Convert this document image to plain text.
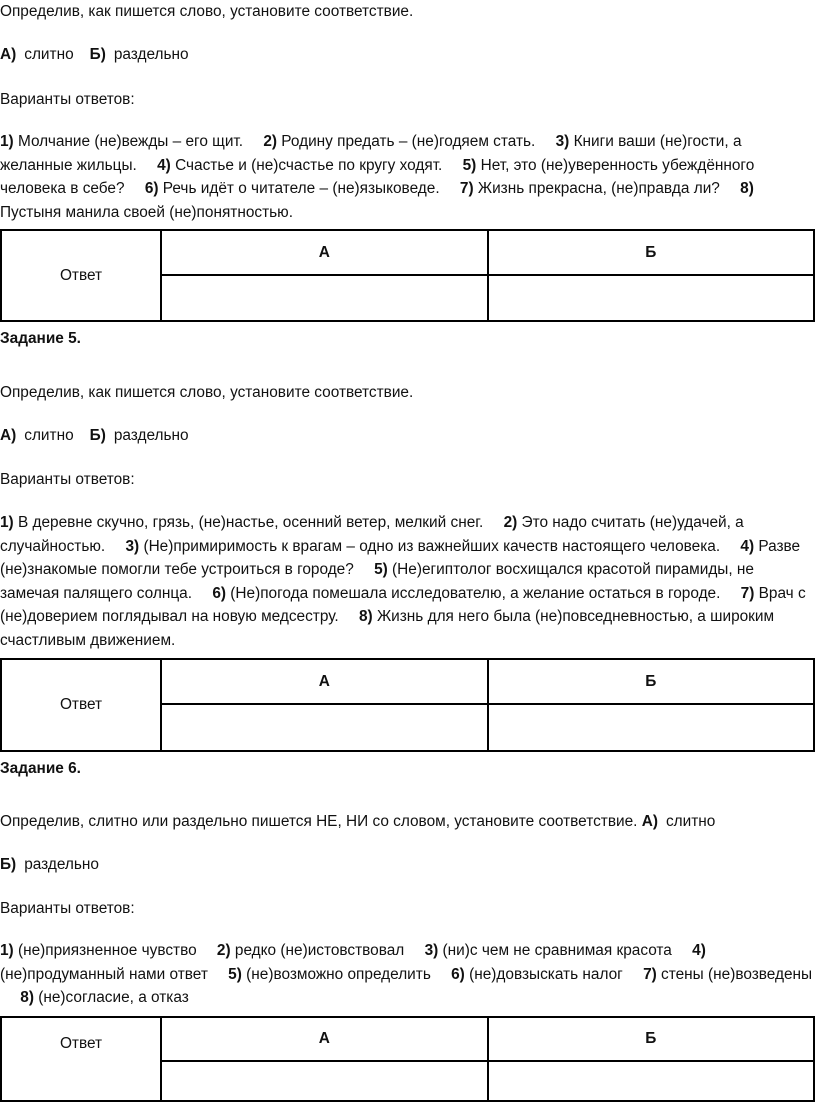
Определив, как пишется слово, установите соответствие.
А) слитно Б) раздельно
Варианты ответов:
1) Молчание (не)вежды – его щит. 2) Родину предать – (не)годяем стать. 3) Книги ваши (не)гости, а желанные жильцы. 4) Счастье и (не)счастье по кругу ходят. 5) Нет, это (не)уверенность убеждённого человека в себе? 6) Речь идёт о читателе – (не)языковеде. 7) Жизнь прекрасна, (не)правда ли? 8) Пустыня манила своей (не)понятностью.
Ответ	А	Б

Задание 5.
Определив, как пишется слово, установите соответствие.
А) слитно Б) раздельно
Варианты ответов:
1) В деревне скучно, грязь, (не)настье, осенний ветер, мелкий снег. 2) Это надо считать (не)удачей, а случайностью. 3) (Не)примиримость к врагам – одно из важнейших качеств настоящего человека. 4) Разве (не)знакомые помогли тебе устроиться в городе? 5) (Не)египтолог восхищался красотой пирамиды, не замечая палящего солнца. 6) (Не)погода помешала исследователю, а желание остаться в городе. 7) Врач с (не)доверием поглядывал на новую медсестру. 8) Жизнь для него была (не)повседневностью, а широким счастливым движением.
Ответ	А	Б

Задание 6.
Определив, слитно или раздельно пишется НЕ, НИ со словом, установите соответствие. А) слитно
Б) раздельно
Варианты ответов:
1) (не)приязненное чувство 2) редко (не)истовствовал 3) (ни)с чем не сравнимая красота 4) (не)продуманный нами ответ 5) (не)возможно определить 6) (не)довзыскать налог 7) стены (не)возведены 8) (не)согласие, а отказ
Ответ	А	Б
